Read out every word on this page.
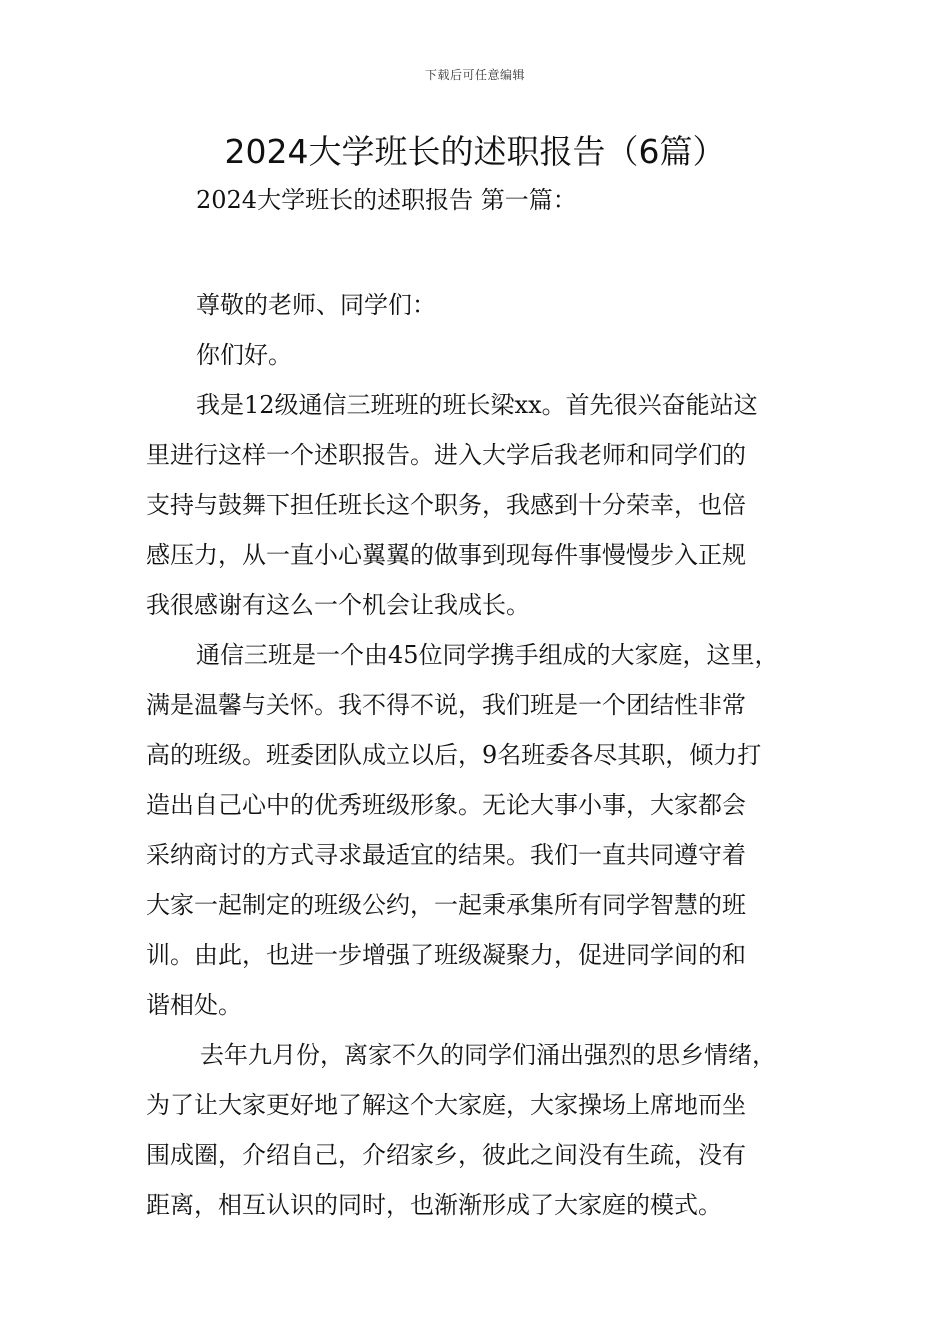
下载后可任意编辑
2024大学班长的述职报告（6篇）
2024大学班长的述职报告 第一篇：

尊敬的老师、同学们：

你们好。

我是12级通信三班班的班长梁xx。首先很兴奋能站这
里进行这样一个述职报告。进入大学后我老师和同学们的
支持与鼓舞下担任班长这个职务，我感到十分荣幸，也倍
感压力，从一直小心翼翼的做事到现每件事慢慢步入正规
我很感谢有这么一个机会让我成长。
通信三班是一个由45位同学携手组成的大家庭，这里，
满是温馨与关怀。我不得不说，我们班是一个团结性非常
高的班级。班委团队成立以后，9名班委各尽其职，倾力打
造出自己心中的优秀班级形象。无论大事小事，大家都会
采纳商讨的方式寻求最适宜的结果。我们一直共同遵守着
大家一起制定的班级公约，一起秉承集所有同学智慧的班
训。由此，也进一步增强了班级凝聚力，促进同学间的和
谐相处。
去年九月份，离家不久的同学们涌出强烈的思乡情绪，
为了让大家更好地了解这个大家庭，大家操场上席地而坐
围成圈，介绍自己，介绍家乡，彼此之间没有生疏，没有
距离，相互认识的同时，也渐渐形成了大家庭的模式。
